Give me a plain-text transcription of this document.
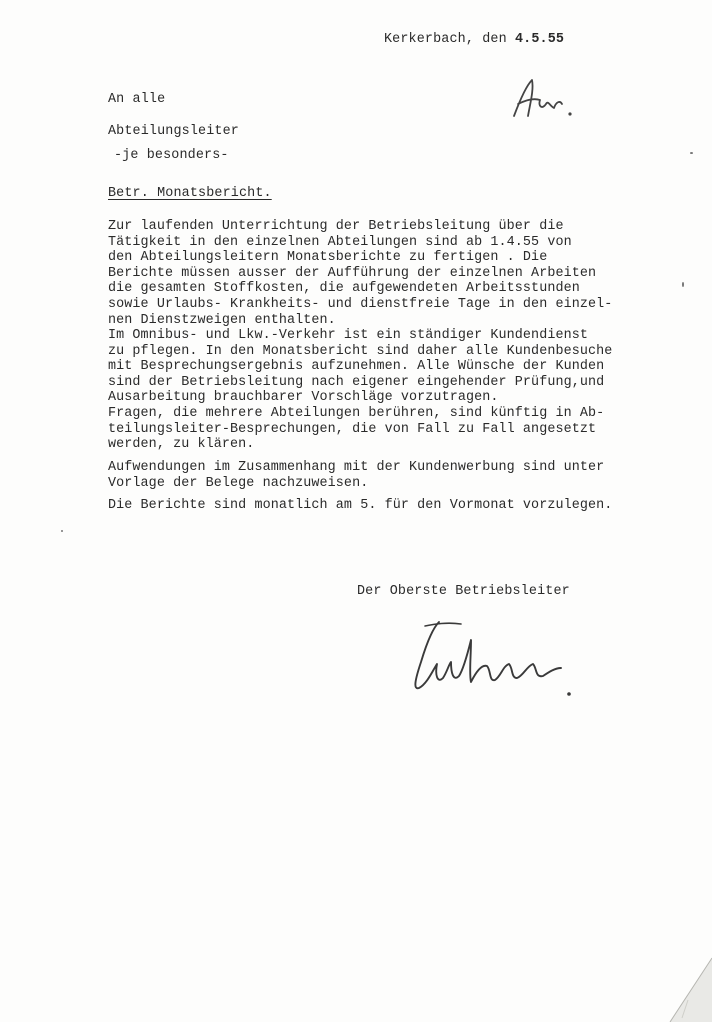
Kerkerbach, den 4.5.55
An alle
Abteilungsleiter
-je besonders-
Betr. Monatsbericht.
Zur laufenden Unterrichtung der Betriebsleitung über die
Tätigkeit in den einzelnen Abteilungen sind ab 1.4.55 von
den Abteilungsleitern Monatsberichte zu fertigen . Die
Berichte müssen ausser der Aufführung der einzelnen Arbeiten
die gesamten Stoffkosten, die aufgewendeten Arbeitsstunden
sowie Urlaubs- Krankheits- und dienstfreie Tage in den einzel-
nen Dienstzweigen enthalten.
Im Omnibus- und Lkw.-Verkehr ist ein ständiger Kundendienst
zu pflegen. In den Monatsbericht sind daher alle Kundenbesuche
mit Besprechungsergebnis aufzunehmen. Alle Wünsche der Kunden
sind der Betriebsleitung nach eigener eingehender Prüfung,und
Ausarbeitung brauchbarer Vorschläge vorzutragen.
Fragen, die mehrere Abteilungen berühren, sind künftig in Ab-
teilungsleiter-Besprechungen, die von Fall zu Fall angesetzt
werden, zu klären.
Aufwendungen im Zusammenhang mit der Kundenwerbung sind unter
Vorlage der Belege nachzuweisen.
Die Berichte sind monatlich am 5. für den Vormonat vorzulegen.
Der Oberste Betriebsleiter
